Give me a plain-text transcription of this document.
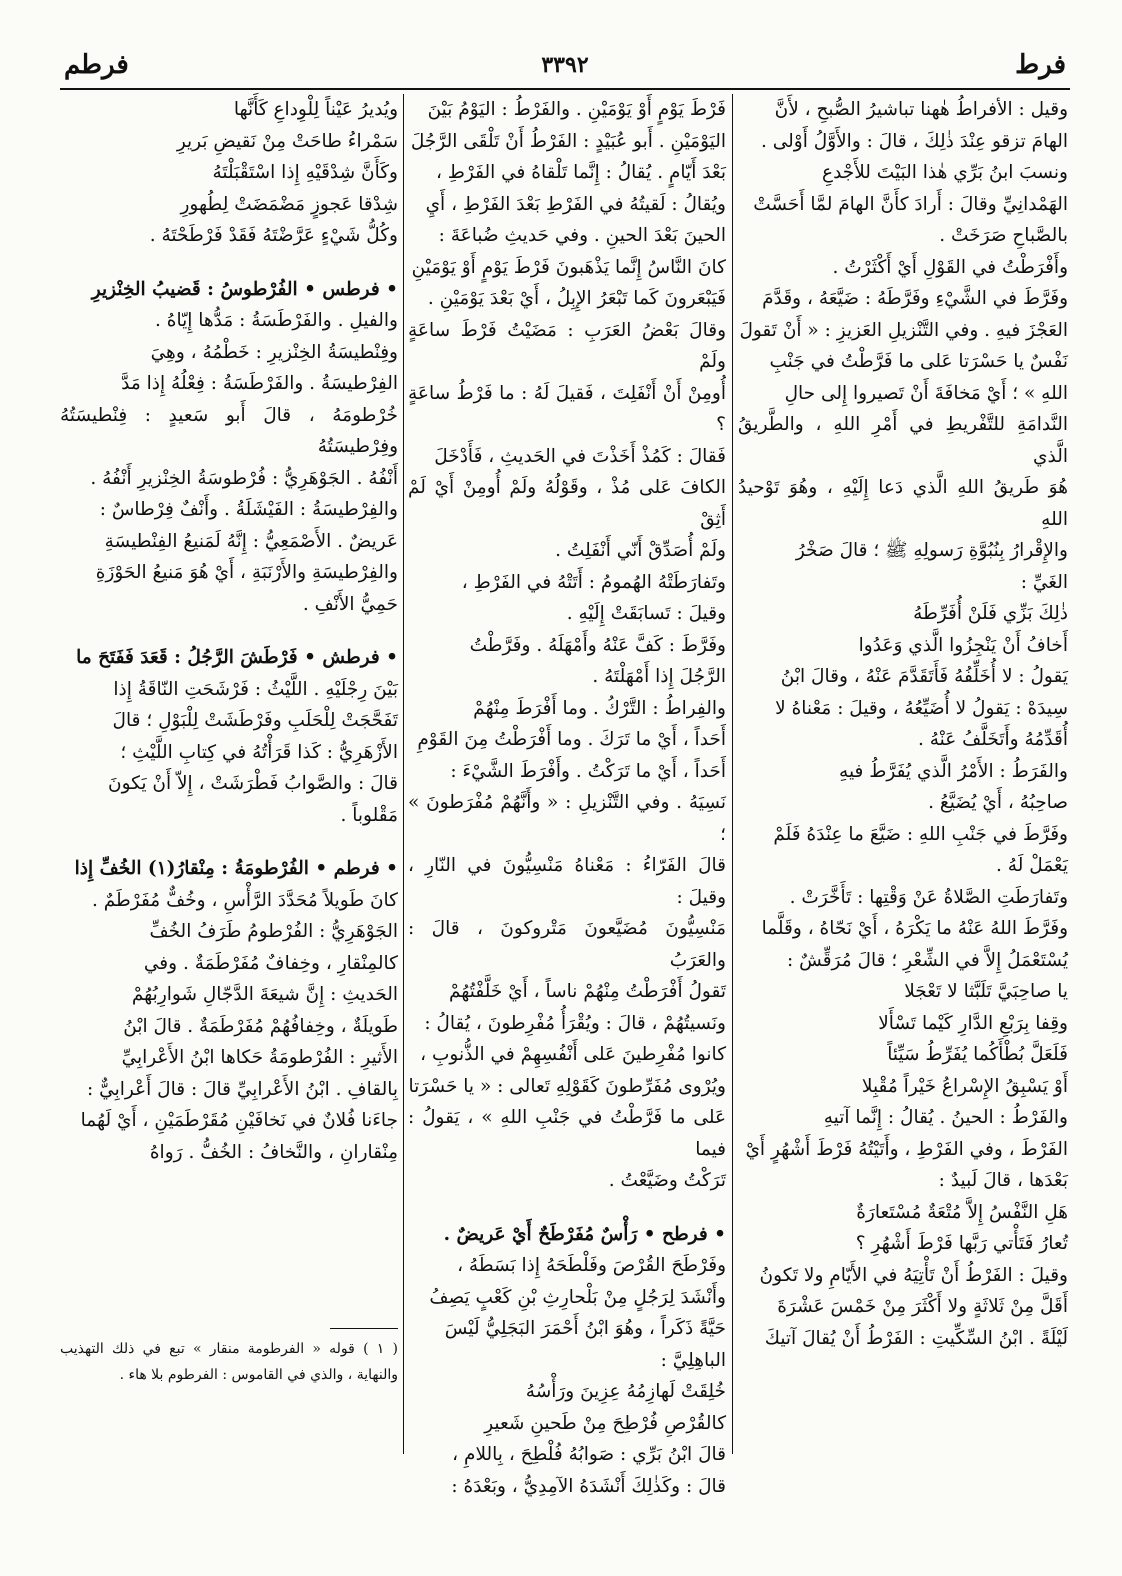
فرط
٣٣٩٢
فرطم

وقيل : الأفراطُ هٰهنا تباشيرُ الصُّبحِ ، لأَنَّ

الهامَ تزقو عِنْدَ ذٰلِكَ ، قالَ : والأَوَّلُ أَوْلى .

ونسبَ ابنُ بَرِّي هٰذا البَيْتَ للأَجْدعِ

الهَمْدانِيِّ وقالَ : أَرادَ كأَنَّ الهامَ لمَّا أَحَسَّتْ

بالصَّباحِ صَرَخَتْ .

وأَفْرَطْتُ في القَوْلِ أَيْ أَكْثَرْتُ .

وفَرَّطَ في الشَّيْءِ وفَرَّطَهُ : ضَيَّعَهُ ، وقَدَّمَ

العَجْزَ فيهِ . وفي التَّنْزيلِ العَزيزِ : « أَنْ تَقولَ

نَفْسٌ يا حَسْرَتا عَلى ما فَرَّطْتُ في جَنْبِ

اللهِ » ؛ أَيْ مَخافَةَ أَنْ تَصيروا إِلى حالِ

النَّدامَةِ للتَّفْريطِ في أَمْرِ اللهِ ، والطَّريقُ الَّذي

هُوَ طَريقُ اللهِ الَّذي دَعا إِلَيْهِ ، وهُوَ تَوْحيدُ اللهِ

والإِقْرارُ بِنُبُوَّةِ رَسولِهِ ﷺ ؛ قالَ صَخْرُ

الغَيِّ :

ذٰلِكَ بَزِّي فَلَنْ أُفَرِّطَهُ

أَخافُ أَنْ يَنْجِزُوا الَّذي وَعَدُوا

يَقولُ : لا أُخَلِّفُهُ فَأَتَقَدَّمَ عَنْهُ ، وقالَ ابْنُ

سِيدَهْ : يَقولُ لا أُضَيِّعُهُ ، وقيلَ : مَعْناهُ لا

أُقَدِّمُهُ وأَتَخَلَّفُ عَنْهُ .

والفَرَطُ : الأَمْرُ الَّذي يُفَرَّطُ فيهِ

صاحِبُهُ ، أَيْ يُضَيَّعُ .

وفَرَّطَ في جَنْبِ اللهِ : ضَيَّعَ ما عِنْدَهُ فَلَمْ

يَعْمَلْ لَهُ .

وتَفارَطَتِ الصَّلاةُ عَنْ وَقْتِها : تَأَخَّرَتْ .

وفَرَّطَ اللهُ عَنْهُ ما يَكْرَهُ ، أَيْ نَحّاهُ ، وقَلَّما

يُسْتَعْمَلُ إِلاَّ في الشِّعْرِ ؛ قالَ مُرَقِّشٌ :

يا صاحِبَيَّ تَلَبَّثا لا تَعْجَلا

وقِفا بِرَبْعِ الدَّارِ كَيْما تَسْأَلا

فَلَعَلَّ بُطْأَكُما يُفَرِّطُ سَيِّئاً

أَوْ يَسْبِقُ الإِسْراعُ خَيْراً مُقْبِلا

والفَرْطُ : الحينُ . يُقالُ : إِنَّما آتيهِ

الفَرْطَ ، وفي الفَرْطِ ، وأَتَيْتُهُ فَرْطَ أَشْهُرٍ أَيْ

بَعْدَها ، قالَ لَبيدٌ :

هَلِ النَّفْسُ إِلاَّ مُتْعَةٌ مُسْتَعارَةٌ

تُعارُ فَتَأْتي رَبَّها فَرْطَ أَشْهُرِ ؟

وقيلَ : الفَرْطُ أَنْ تَأْتِيَهُ في الأَيّامِ ولا تَكونُ

أَقَلَّ مِنْ ثَلاثَةٍ ولا أَكْثَرَ مِنْ خَمْسَ عَشْرَةَ

لَيْلَةً . ابْنُ السِّكِّيتِ : الفَرْطُ أَنْ يُقالَ آتيكَ

فَرْطَ يَوْمٍ أَوْ يَوْمَيْنِ . والفَرْطُ : اليَوْمُ بَيْنَ

اليَوْمَيْنِ . أَبو عُبَيْدٍ : الفَرْطُ أَنْ تَلْقَى الرَّجُلَ

بَعْدَ أَيّامٍ . يُقالُ : إِنَّما تَلْقاهُ في الفَرْطِ ،

ويُقالُ : لَقيتُهُ في الفَرْطِ بَعْدَ الفَرْطِ ، أَيِ

الحينَ بَعْدَ الحينِ . وفي حَديثِ ضُباعَةَ :

كانَ النَّاسُ إِنَّما يَذْهَبونَ فَرْطَ يَوْمٍ أَوْ يَوْمَيْنِ

فَيَبْعَرونَ كَما تَبْعَرُ الإِبِلُ ، أَيْ بَعْدَ يَوْمَيْنِ .

وقالَ بَعْضُ العَرَبِ : مَضَيْتُ فَرْطَ ساعَةٍ ولَمْ

أُومِنْ أَنْ أَنْفَلِتَ ، فَقيلَ لَهُ : ما فَرْطُ ساعَةٍ ؟

فَقالَ : كَمُذْ أَخَذْتَ في الحَديثِ ، فَأَدْخَلَ

الكافَ عَلى مُذْ ، وقَوْلُهُ ولَمْ أُومِنْ أَيْ لَمْ أَثِقْ

ولَمْ أُصَدِّقْ أَنّي أَنْفَلِتُ .

وتَفارَطَتْهُ الهُمومُ : أَتَتْهُ في الفَرْطِ ،

وقيلَ : تَسابَقَتْ إِلَيْهِ .

وفَرَّطَ : كَفَّ عَنْهُ وأَمْهَلَهُ . وفَرَّطْتُ

الرَّجُلَ إِذا أَمْهَلْتَهُ .

والفِراطُ : التَّرْكُ . وما أَفْرَطَ مِنْهُمْ

أَحَداً ، أَيْ ما تَرَكَ . وما أَفْرَطْتُ مِنَ القَوْمِ

أَحَداً ، أَيْ ما تَرَكْتُ . وأَفْرَطَ الشَّيْءَ :

نَسِيَهُ . وفي التَّنْزيلِ : « وأَنَّهُمْ مُفْرَطونَ » ؛

قالَ الفَرّاءُ : مَعْناهُ مَنْسِيُّونَ في النّارِ ، وقيلَ :

مَنْسِيُّونَ مُضَيَّعونَ مَتْروكونَ ، قالَ : والعَرَبُ

تَقولُ أَفْرَطْتُ مِنْهُمْ ناساً ، أَيْ خَلَّفْتُهُمْ

ونَسيتُهُمْ ، قالَ : ويُقْرَأُ مُفْرِطونَ ، يُقالُ :

كانوا مُفْرِطينَ عَلى أَنْفُسِهِمْ في الذُّنوبِ ،

ويُرْوى مُفَرِّطونَ كَقَوْلِهِ تَعالى : « يا حَسْرَتا

عَلى ما فَرَّطْتُ في جَنْبِ اللهِ » ، يَقولُ : فيما

تَرَكْتُ وضَيَّعْتُ .

• فرطح • رَأْسٌ مُفَرْطَحٌ أَيْ عَريضٌ .

وفَرْطَحَ القُرْصَ وفَلْطَحَهُ إِذا بَسَطَهُ ،

وأَنْشَدَ لِرَجُلٍ مِنْ بَلْحارِثِ بْنِ كَعْبٍ يَصِفُ

حَيَّةً ذَكَراً ، وهُوَ ابْنُ أَحْمَرَ البَجَلِيُّ لَيْسَ

الباهِلِيَّ :

خُلِقَتْ لَهازِمُهُ عِزِينَ ورَأْسُهُ

كالقُرْصِ فُرْطِحَ مِنْ طَحينِ شَعيرِ

قالَ ابْنُ بَرِّي : صَوابُهُ فُلْطِحَ ، بِاللامِ ،

قالَ : وكَذٰلِكَ أَنْشَدَهُ الآمِدِيُّ ، وبَعْدَهُ :

ويُديرُ عَيْناً لِلْوِداعِ كَأَنَّها

سَمْراءُ طاحَتْ مِنْ نَقيضِ بَريرِ

وكَأَنَّ شِدْقَيْهِ إِذا اسْتَقْبَلْتَهُ

شِدْقا عَجوزٍ مَضْمَضَتْ لِطُهورِ

وكُلُّ شَيْءٍ عَرَّضْتَهُ فَقَدْ فَرْطَحْتَهُ .

• فرطس • الفُرْطوسُ : قَضيبُ الخِنْزيرِ

والفيلِ . والفَرْطَسَةُ : مَدُّها إِيّاهُ .

وفِنْطيسَةُ الخِنْزيرِ : خَطْمُهُ ، وهِيَ

الفِرْطيسَةُ . والفَرْطَسَةُ : فِعْلُهُ إِذا مَدَّ

خُرْطومَهُ ، قالَ أَبو سَعيدٍ : فِنْطيسَتُهُ وفِرْطيسَتُهُ

أَنْفُهُ . الجَوْهَرِيُّ : فُرْطوسَةُ الخِنْزيرِ أَنْفُهُ .

والفِرْطيسَةُ : الفَيْشَلَةُ . وأَنْفٌ فِرْطاسٌ :

عَريضٌ . الأَصْمَعِيُّ : إِنَّهُ لَمَنيعُ الفِنْطيسَةِ

والفِرْطيسَةِ والأَرْنَبَةِ ، أَيْ هُوَ مَنيعُ الحَوْزَةِ

حَمِيُّ الأَنْفِ .

• فرطش • فَرْطَشَ الرَّجُلُ : قَعَدَ فَفَتَحَ ما

بَيْنَ رِجْلَيْهِ . اللَّيْثُ : فَرْشَحَتِ النّاقَةُ إِذا

تَفَحَّجَتْ لِلْحَلَبِ وفَرْطَشَتْ لِلْبَوْلِ ؛ قالَ

الأَزْهَرِيُّ : كَذا قَرَأْتُهُ في كِتابِ اللَّيْثِ ؛

قالَ : والصَّوابُ فَطْرَشَتْ ، إِلاّ أَنْ يَكونَ

مَقْلوباً .

• فرطم • الفُرْطومَةُ : مِنْقارُ(١) الخُفِّ إِذا

كانَ طَويلاً مُحَدَّدَ الرَّأْسِ ، وخُفٌّ مُفَرْطَمٌ .

الجَوْهَرِيُّ : الفُرْطومُ طَرَفُ الخُفِّ

كالمِنْقارِ ، وخِفافٌ مُفَرْطَمَةٌ . وفي

الحَديثِ : إِنَّ شيعَةَ الدَّجّالِ شَوارِبُهُمْ

طَويلَةٌ ، وخِفافُهُمْ مُفَرْطَمَةٌ . قالَ ابْنُ

الأَثيرِ : الفُرْطومَةُ حَكاها ابْنُ الأَعْرابِيِّ

بِالقافِ . ابْنُ الأَعْرابِيِّ قالَ : قالَ أَعْرابِيٌّ :

جاءَنا فُلانٌ في نَخافَيْنِ مُقَرْطَمَيْنِ ، أَيْ لَهُما

مِنْقارانِ ، والنَّخافُ : الخُفُّ . رَواهُ

( ١ ) قوله « الفرطومة منقار » تبع في ذلك التهذيب والنهاية ، والذي في القاموس : الفرطوم بلا هاء .
